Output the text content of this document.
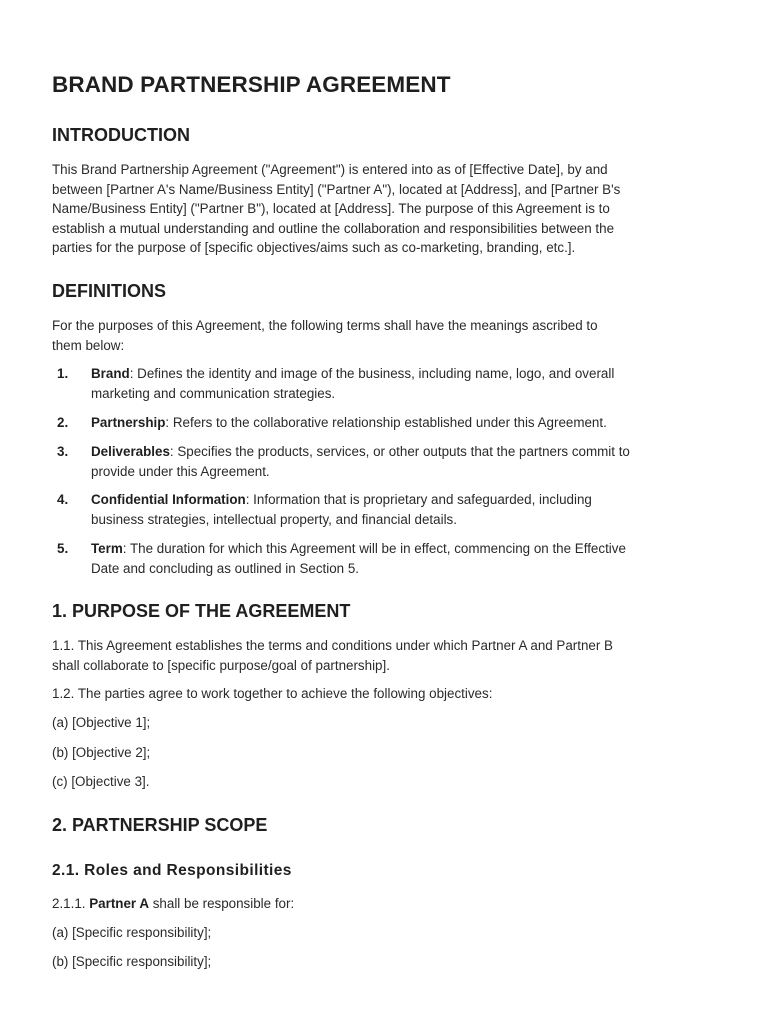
BRAND PARTNERSHIP AGREEMENT
INTRODUCTION
This Brand Partnership Agreement ("Agreement") is entered into as of [Effective Date], by and
between [Partner A's Name/Business Entity] ("Partner A"), located at [Address], and [Partner B's
Name/Business Entity] ("Partner B"), located at [Address]. The purpose of this Agreement is to
establish a mutual understanding and outline the collaboration and responsibilities between the
parties for the purpose of [specific objectives/aims such as co-marketing, branding, etc.].
DEFINITIONS
For the purposes of this Agreement, the following terms shall have the meanings ascribed to
them below:
1. Brand: Defines the identity and image of the business, including name, logo, and overall
marketing and communication strategies.
2. Partnership: Refers to the collaborative relationship established under this Agreement.
3. Deliverables: Specifies the products, services, or other outputs that the partners commit to
provide under this Agreement.
4. Confidential Information: Information that is proprietary and safeguarded, including
business strategies, intellectual property, and financial details.
5. Term: The duration for which this Agreement will be in effect, commencing on the Effective
Date and concluding as outlined in Section 5.
1. PURPOSE OF THE AGREEMENT
1.1. This Agreement establishes the terms and conditions under which Partner A and Partner B
shall collaborate to [specific purpose/goal of partnership].
1.2. The parties agree to work together to achieve the following objectives:
(a) [Objective 1];
(b) [Objective 2];
(c) [Objective 3].
2. PARTNERSHIP SCOPE
2.1. Roles and Responsibilities
2.1.1. Partner A shall be responsible for:
(a) [Specific responsibility];
(b) [Specific responsibility];
